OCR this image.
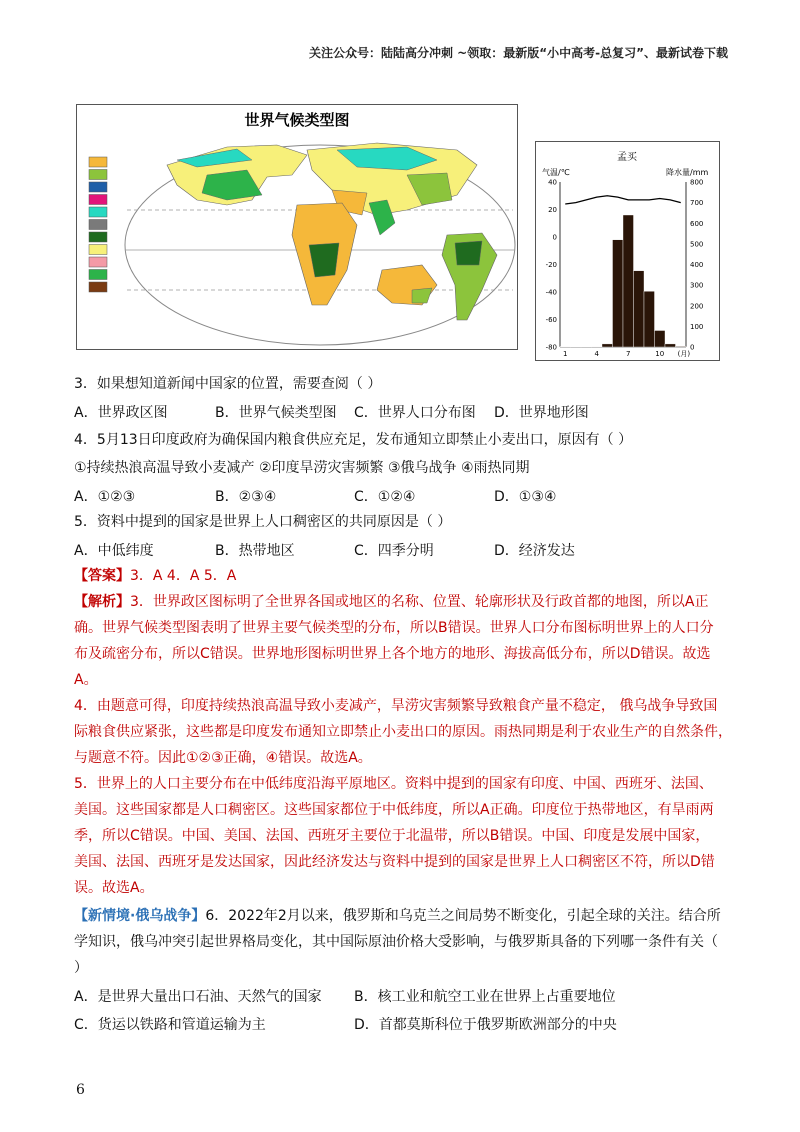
关注公众号：陆陆高分冲刺 ~领取：最新版“小中高考-总复习”、最新试卷下载
世界气候类型图
孟买
气温/℃	降水量/mm
40
20
0
-20
-40
-60
-80
800
700
600
500
400
300
200
100
0
1	4	7	10 (月)
3．如果想知道新闻中国家的位置，需要查阅（ ）
A．世界政区图	B．世界气候类型图 C．世界人口分布图 D．世界地形图
4．5月13日印度政府为确保国内粮食供应充足，发布通知立即禁止小麦出口，原因有（ ）
①持续热浪高温导致小麦减产 ②印度旱涝灾害频繁 ③俄乌战争 ④雨热同期
A．①②③	B．②③④	C．①②④	D．①③④
5．资料中提到的国家是世界上人口稠密区的共同原因是（ ）
A．中低纬度	B．热带地区	C．四季分明	D．经济发达
【答案】3．A 4．A 5．A
【解析】3．世界政区图标明了全世界各国或地区的名称、位置、轮廓形状及行政首都的地图，所以A正
确。世界气候类型图表明了世界主要气候类型的分布，所以B错误。世界人口分布图标明世界上的人口分
布及疏密分布，所以C错误。世界地形图标明世界上各个地方的地形、海拔高低分布，所以D错误。故选
A。
4．由题意可得，印度持续热浪高温导致小麦减产，旱涝灾害频繁导致粮食产量不稳定， 俄乌战争导致国
际粮食供应紧张，这些都是印度发布通知立即禁止小麦出口的原因。雨热同期是利于农业生产的自然条件，
与题意不符。因此①②③正确，④错误。故选A。
5．世界上的人口主要分布在中低纬度沿海平原地区。资料中提到的国家有印度、中国、西班牙、法国、
美国。这些国家都是人口稠密区。这些国家都位于中低纬度，所以A正确。印度位于热带地区，有旱雨两
季，所以C错误。中国、美国、法国、西班牙主要位于北温带，所以B错误。中国、印度是发展中国家，
美国、法国、西班牙是发达国家，因此经济发达与资料中提到的国家是世界上人口稠密区不符，所以D错
误。故选A。
【新情境·俄乌战争】6．2022年2月以来，俄罗斯和乌克兰之间局势不断变化，引起全球的关注。结合所
学知识，俄乌冲突引起世界格局变化，其中国际原油价格大受影响，与俄罗斯具备的下列哪一条件有关（
）
A．是世界大量出口石油、天然气的国家 B．核工业和航空工业在世界上占重要地位
C．货运以铁路和管道运输为主	D．首都莫斯科位于俄罗斯欧洲部分的中央
6
